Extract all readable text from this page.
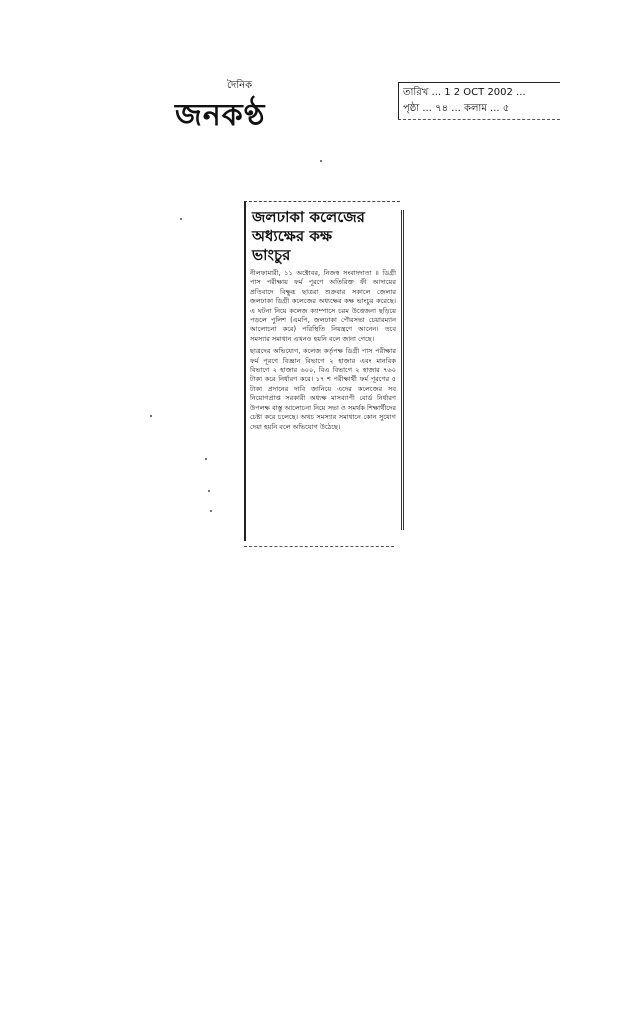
দৈনিক
জনকণ্ঠ
তারিখ ... 1 2 OCT 2002 ...
পৃষ্ঠা ... ৭৪ ... কলাম ... ৫
জলঢাকা কলেজের
অধ্যক্ষের কক্ষ
ভাংচুর

নীলফামারী, ১১ অক্টোবর, নিজস্ব সংবাদদাতা ॥ ডিগ্রী পাস পরীক্ষায় ফর্ম পূরণে অতিরিক্ত ফী আদায়ের প্রতিবাদে বিক্ষুব্ধ ছাত্ররা শুক্রবার সকালে জেলার জলঢাকা ডিগ্রী কলেজের অধ্যক্ষের কক্ষ ভাংচুর করেছে। এ ঘটনা নিয়ে কলেজ ক্যাম্পাসে চরম উত্তেজনা ছড়িয়ে পড়লে পুলিশ (এমপি, জলঢাকা পৌরসভা চেয়ারম্যান আলোচনা করে) পরিস্থিতি নিয়ন্ত্রণে আনেন। তবে সমস্যার সমাধান এখনও হয়নি বলে জানা গেছে।

ছাত্রদের অভিযোগ, কলেজ কর্তৃপক্ষ ডিগ্রী পাস পরীক্ষার ফর্ম পূরণে বিজ্ঞান বিভাগে ২ হাজার এবং মানবিক বিভাগে ২ হাজার ৬০০, বিএ বিভাগে ২ হাজার ৭৬০ টাকা করে নির্ধারণ করে। ১৭ শ পরীক্ষার্থী ফর্ম পূরণের ৫ টাকা প্রদানের দাবি জানিয়ে এদের কলেজের সব নিয়োগপ্রাপ্ত সরকারী অধ্যক্ষ মাসব্যাপী বোর্ড নির্ধারণ উপলক্ষ বাস্তু আলোচনা নিয়ে সভা ও সমর্থক শিক্ষার্থীদের চেষ্টা করে চলেছে। অথচ সমস্যার সমাধানে কোন সুযোগ দেয়া হয়নি বলে অভিযোগ উঠেছে।
